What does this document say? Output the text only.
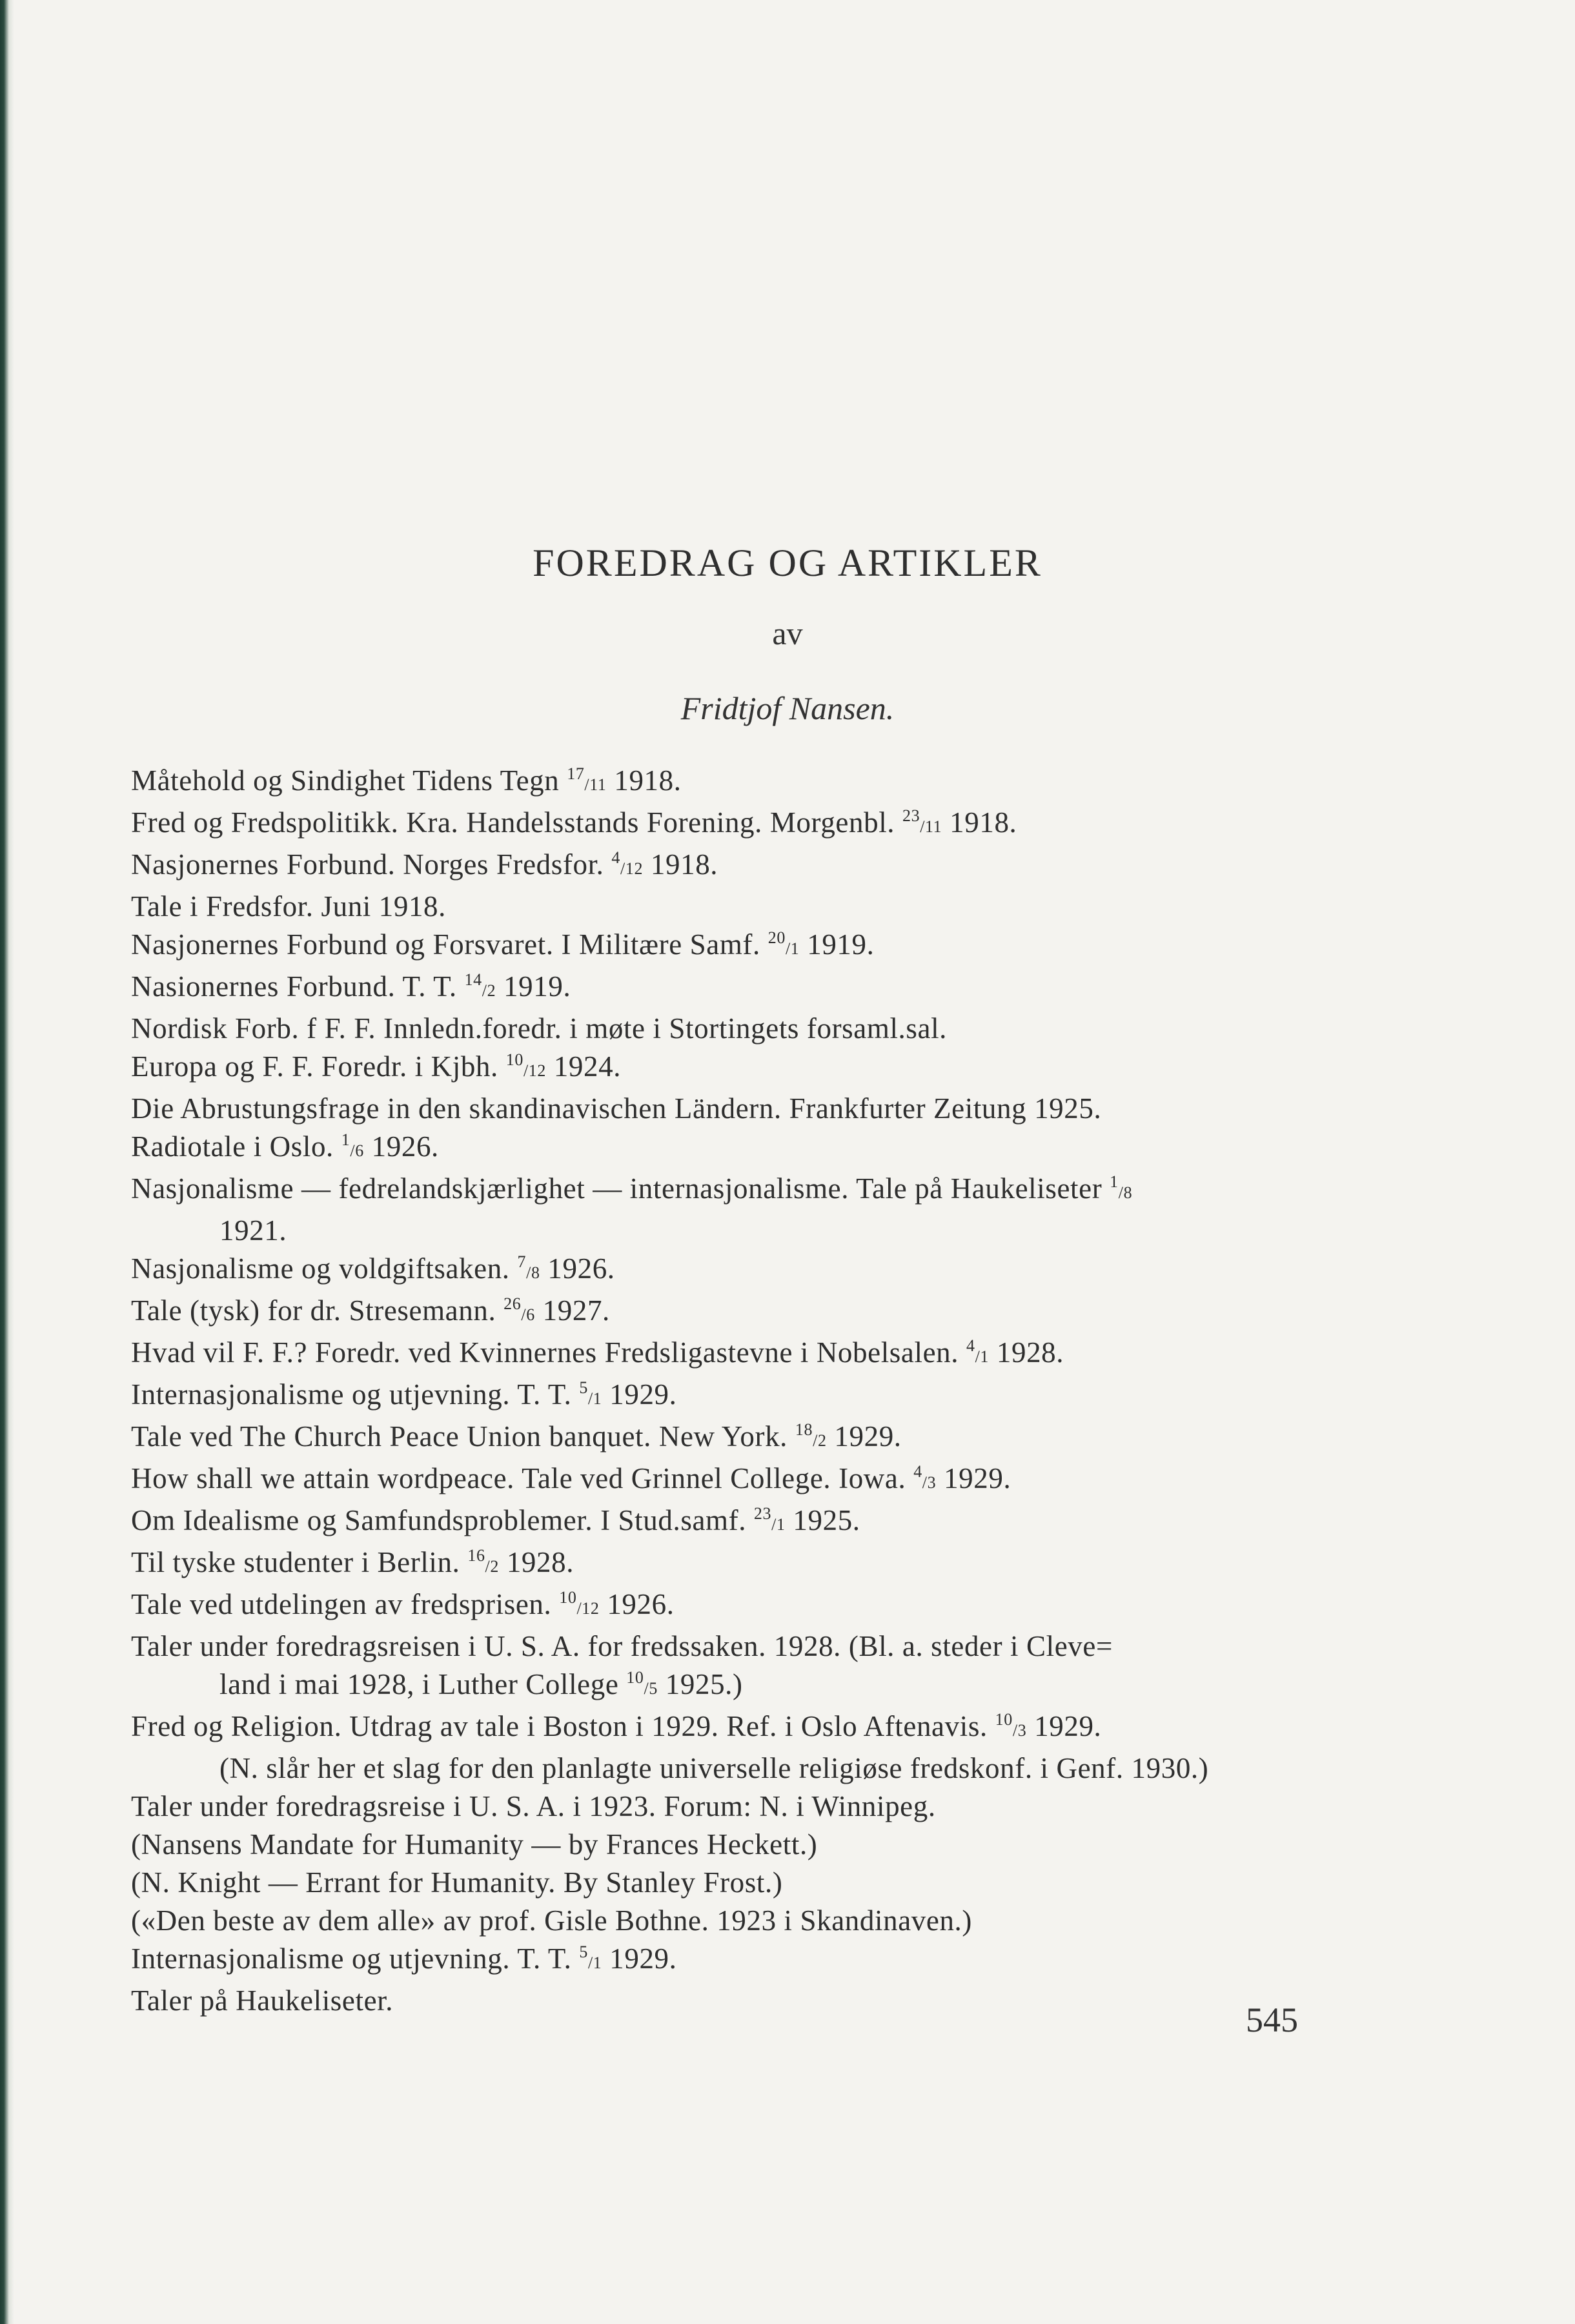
FOREDRAG OG ARTIKLER
av
Fridtjof Nansen.
Måtehold og Sindighet Tidens Tegn $^{17}$/11 1918.
Fred og Fredspolitikk. Kra. Handelsstands Forening. Morgenbl. $^{23}$/11 1918.
Nasjonernes Forbund. Norges Fredsfor. $^4$/12 1918.
Tale i Fredsfor. Juni 1918.
Nasjonernes Forbund og Forsvaret. I Militære Samf. $^{20}$/1 1919.
Nasionernes Forbund. T. T. $^{14}$/2 1919.
Nordisk Forb. f F. F. Innledn.foredr. i møte i Stortingets forsaml.sal.
Europa og F. F. Foredr. i Kjbh. $^{10}$/12 1924.
Die Abrustungsfrage in den skandinavischen Ländern. Frankfurter Zeitung 1925.
Radiotale i Oslo. $^1$/6 1926.
Nasjonalisme — fedrelandskjærlighet — internasjonalisme. Tale på Haukeliseter $^1$/8
1921.
Nasjonalisme og voldgiftsaken. $^7$/8 1926.
Tale (tysk) for dr. Stresemann. $^{26}$/6 1927.
Hvad vil F. F.? Foredr. ved Kvinnernes Fredsligastevne i Nobelsalen. $^4$/1 1928.
Internasjonalisme og utjevning. T. T. $^5$/1 1929.
Tale ved The Church Peace Union banquet. New York. $^{18}$/2 1929.
How shall we attain wordpeace. Tale ved Grinnel College. Iowa. $^4$/3 1929.
Om Idealisme og Samfundsproblemer. I Stud.samf. $^{23}$/1 1925.
Til tyske studenter i Berlin. $^{16}$/2 1928.
Tale ved utdelingen av fredsprisen. $^{10}$/12 1926.
Taler under foredragsreisen i U. S. A. for fredssaken. 1928. (Bl. a. steder i Cleve=
land i mai 1928, i Luther College $^{10}$/5 1925.)
Fred og Religion. Utdrag av tale i Boston i 1929. Ref. i Oslo Aftenavis. $^{10}$/3 1929.
(N. slår her et slag for den planlagte universelle religiøse fredskonf. i Genf. 1930.)
Taler under foredragsreise i U. S. A. i 1923. Forum: N. i Winnipeg.
(Nansens Mandate for Humanity — by Frances Heckett.)
(N. Knight — Errant for Humanity. By Stanley Frost.)
(«Den beste av dem alle» av prof. Gisle Bothne. 1923 i Skandinaven.)
Internasjonalisme og utjevning. T. T. $^5$/1 1929.
Taler på Haukeliseter.	545
